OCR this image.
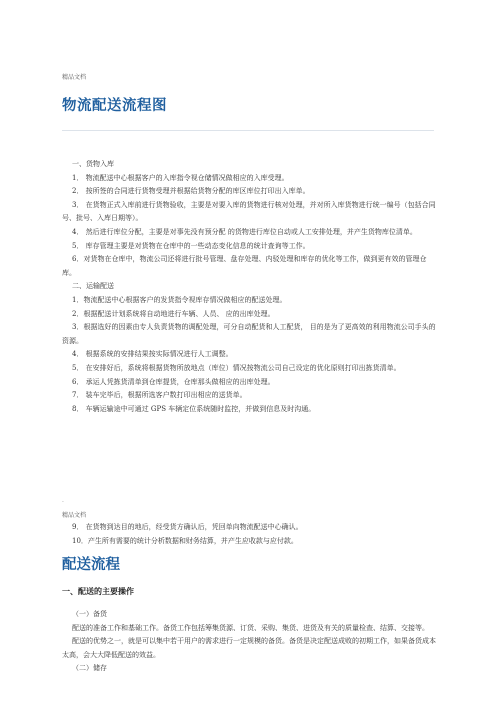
精品文档
物流配送流程图

一、货物入库

1． 物流配送中心根据客户的入库指令视仓储情况做相应的入库受理。

2． 按所签的合同进行货物受理并根据给货物分配的库区库位打印出入库单。

3． 在货物正式入库前进行货物验收，主要是对要入库的货物进行核对处理，并对所入库货物进行统一编号（包括合同号、批号、入库日期等）。

4． 然后进行库位分配，主要是对事先没有预分配 的货物进行库位自动或人工安排处理，并产生货物库位清单。

5． 库存管理主要是对货物在仓库中的一些动态变化信息的统计查询等工作。

6．对货物在仓库中，物流公司还将进行批号管理、盘存处理、内驳处理和库存的优化等工作，做到更有效的管理仓库。

二、运输配送

1．物流配送中心根据客户的发货指令视库存情况做相应的配送处理。

2．根据配送计划系统将自动地进行车辆、人员、 应的出库处理。

3．根据选好的因素由专人负责货物的调配处理，可分自动配货和人工配货， 目的是为了更高效的利用物流公司手头的资源。

4． 根据系统的安排结果按实际情况进行人工调整。

5． 在安排好后，系统将根据货物所放地点（库位）情况按物流公司自己设定的优化原则打印出拣货清单。

6． 承运人凭拣货清单到仓库提货，仓库那头做相应的出库处理。

7． 装车完毕后，根据所选客户数打印出相应的送货单。

8． 车辆运输途中可通过 GPS 车辆定位系统随时监控，并做到信息及时沟通。

.
精品文档

9． 在货物到达目的地后，经受货方确认后，凭回单向物流配送中心确认。

10．产生所有需要的统计分析数据和财务结算，并产生应收款与应付款。

配送流程
一、配送的主要操作

（一）备货

配送的准备工作和基础工作。备货工作包括筹集货源、订货、采购、集货、进货及有关的质量检查、结算、交接等。

配送的优势之一，就是可以集中若干用户的需求进行一定规模的备货。备货是决定配送成败的初期工作，如果备货成本太高，会大大降低配送的效益。

（二）储存
